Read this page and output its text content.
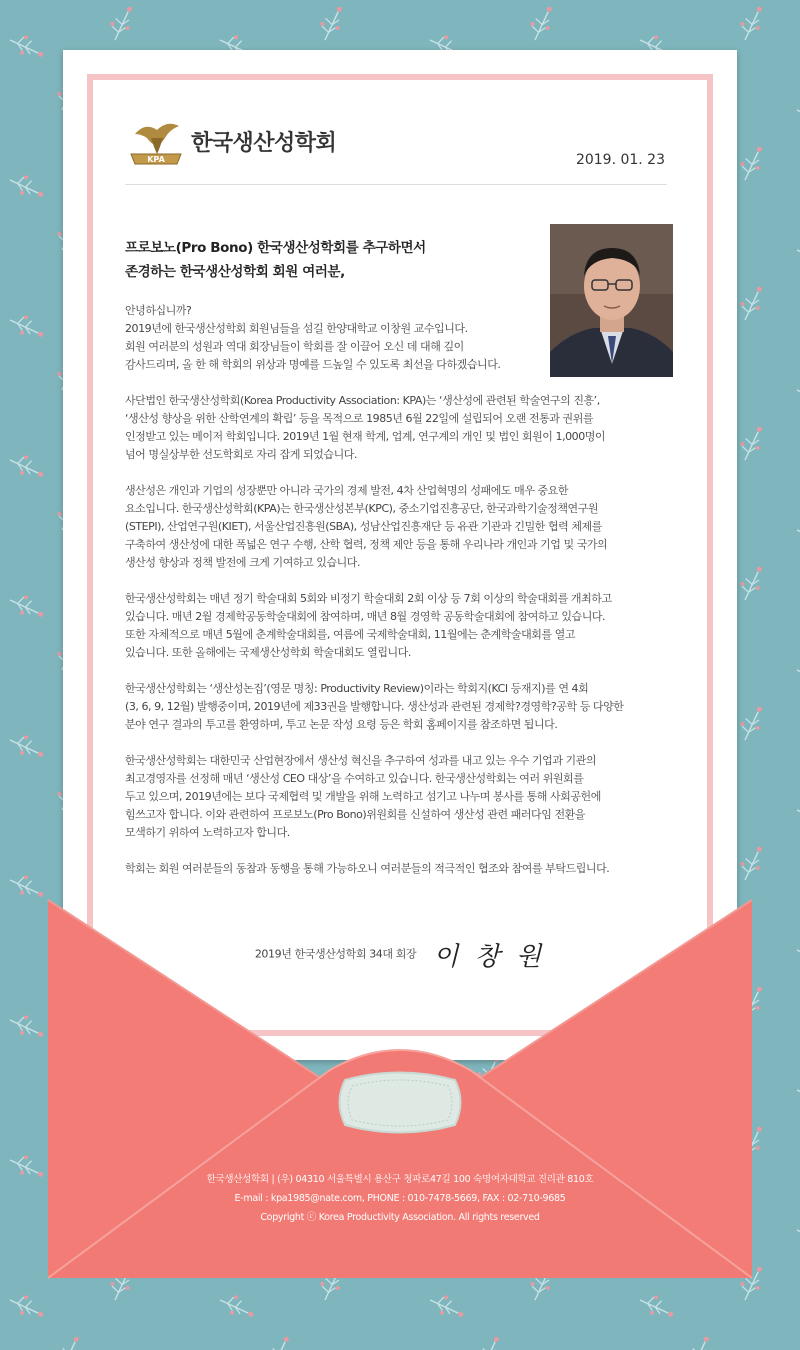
KPA
한국생산성학회
2019. 01. 23
프로보노(Pro Bono) 한국생산성학회를 추구하면서
존경하는 한국생산성학회 회원 여러분,
안녕하십니까?
2019년에 한국생산성학회 회원님들을 섬길 한양대학교 이창원 교수입니다.
회원 여러분의 성원과 역대 회장님들이 학회를 잘 이끌어 오신 데 대해 깊이
감사드리며, 올 한 해 학회의 위상과 명예를 드높일 수 있도록 최선을 다하겠습니다.
사단법인 한국생산성학회(Korea Productivity Association: KPA)는 ‘생산성에 관련된 학술연구의 진흥’,
‘생산성 향상을 위한 산학연계의 확립’ 등을 목적으로 1985년 6월 22일에 설립되어 오랜 전통과 권위를
인정받고 있는 메이저 학회입니다. 2019년 1월 현재 학계, 업계, 연구계의 개인 및 법인 회원이 1,000명이
넘어 명실상부한 선도학회로 자리 잡게 되었습니다.
생산성은 개인과 기업의 성장뿐만 아니라 국가의 경제 발전, 4차 산업혁명의 성패에도 매우 중요한
요소입니다. 한국생산성학회(KPA)는 한국생산성본부(KPC), 중소기업진흥공단, 한국과학기술정책연구원
(STEPI), 산업연구원(KIET), 서울산업진흥원(SBA), 성남산업진흥재단 등 유관 기관과 긴밀한 협력 체제를
구축하여 생산성에 대한 폭넓은 연구 수행, 산학 협력, 정책 제안 등을 통해 우리나라 개인과 기업 및 국가의
생산성 향상과 정책 발전에 크게 기여하고 있습니다.
한국생산성학회는 매년 정기 학술대회 5회와 비정기 학술대회 2회 이상 등 7회 이상의 학술대회를 개최하고
있습니다. 매년 2월 경제학공동학술대회에 참여하며, 매년 8월 경영학 공동학술대회에 참여하고 있습니다.
또한 자체적으로 매년 5월에 춘계학술대회를, 여름에 국제학술대회, 11월에는 춘계학술대회를 열고
있습니다. 또한 올해에는 국제생산성학회 학술대회도 열립니다.
한국생산성학회는 ‘생산성논집’(영문 명칭: Productivity Review)이라는 학회지(KCI 등재지)를 연 4회
(3, 6, 9, 12월) 발행중이며, 2019년에 제33권을 발행합니다. 생산성과 관련된 경제학?경영학?공학 등 다양한
분야 연구 결과의 투고를 환영하며, 투고 논문 작성 요령 등은 학회 홈페이지를 참조하면 됩니다.
한국생산성학회는 대한민국 산업현장에서 생산성 혁신을 추구하여 성과를 내고 있는 우수 기업과 기관의
최고경영자를 선정해 매년 ‘생산성 CEO 대상’을 수여하고 있습니다. 한국생산성학회는 여러 위원회를
두고 있으며, 2019년에는 보다 국제협력 및 개발을 위해 노력하고 섬기고 나누며 봉사를 통해 사회공헌에
힘쓰고자 합니다. 이와 관련하여 프로보노(Pro Bono)위원회를 신설하여 생산성 관련 패러다임 전환을
모색하기 위하여 노력하고자 합니다.
학회는 회원 여러분들의 동참과 동행을 통해 가능하오니 여러분들의 적극적인 협조와 참여를 부탁드립니다.
2019년 한국생산성학회 34대 회장 이 창 원
한국생산성학회 | (우) 04310 서울특별시 용산구 청파로47길 100 숙명여자대학교 진리관 810호
E-mail : kpa1985@nate.com, PHONE : 010-7478-5669, FAX : 02-710-9685
Copyright ⓒ Korea Productivity Association. All rights reserved
